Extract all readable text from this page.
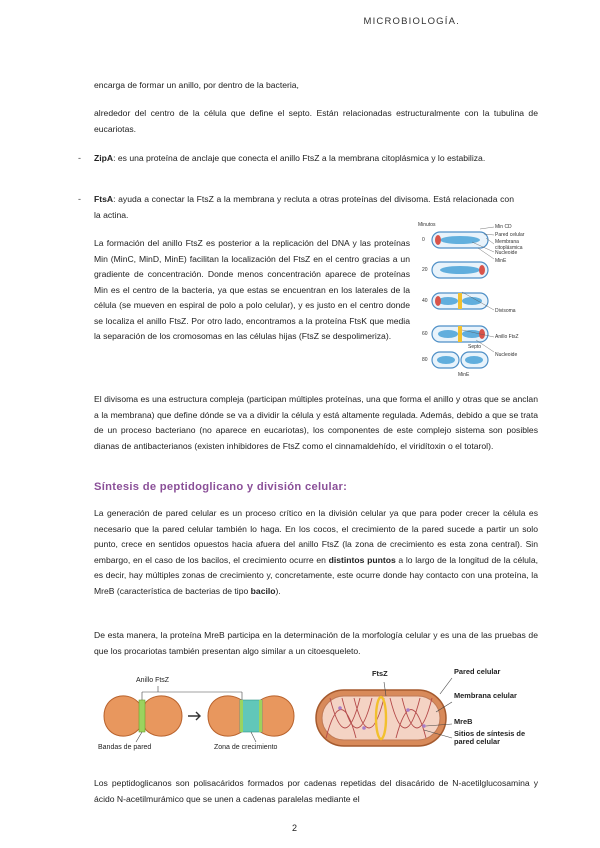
MICROBIOLOGÍA.
encarga de formar un anillo, por dentro de la bacteria,
alrededor del centro de la célula que define el septo. Están relacionadas estructuralmente con la tubulina de eucariotas.
- ZipA: es una proteína de anclaje que conecta el anillo FtsZ a la membrana citoplásmica y lo estabiliza.
- FtsA: ayuda a conectar la FtsZ a la membrana y recluta a otras proteínas del divisoma. Está relacionada con la actina.
La formación del anillo FtsZ es posterior a la replicación del DNA y las proteínas Min (MinC, MinD, MinE) facilitan la localización del FtsZ en el centro gracias a un gradiente de concentración. Donde menos concentración aparece de proteínas Min es el centro de la bacteria, ya que estas se encuentran en los laterales de la célula (se mueven en espiral de polo a polo celular), y es justo en el centro donde se localiza el anillo FtsZ. Por otro lado, encontramos a la proteína FtsK que media la separación de los cromosomas en las células hijas (FtsZ se despolimeriza).
Minutos
0
20
40
60
80
Min CD
Pared celular
Membrana citoplásmica
Nucleoide
MinE
Divisoma
Anillo FtsZ
Septo
Nucleoide
MinE
El divisoma es una estructura compleja (participan múltiples proteínas, una que forma el anillo y otras que se anclan a la membrana) que define dónde se va a dividir la célula y está altamente regulada. Además, debido a que se trata de un proceso bacteriano (no aparece en eucariotas), los componentes de este complejo sistema son posibles dianas de antibacterianos (existen inhibidores de FtsZ como el cinnamaldehído, el viridítoxin o el totarol).
Síntesis de peptidoglicano y división celular:
La generación de pared celular es un proceso crítico en la división celular ya que para poder crecer la célula es necesario que la pared celular también lo haga. En los cocos, el crecimiento de la pared sucede a partir un solo punto, crece en sentidos opuestos hacia afuera del anillo FtsZ (la zona de crecimiento es esta zona central). Sin embargo, en el caso de los bacilos, el crecimiento ocurre en distintos puntos a lo largo de la longitud de la célula, es decir, hay múltiples zonas de crecimiento y, concretamente, este ocurre donde hay contacto con una proteína, la MreB (característica de bacterias de tipo bacilo).
De esta manera, la proteína MreB participa en la determinación de la morfología celular y es una de las pruebas de que los procariotas también presentan algo similar a un citoesqueleto.
Anillo FtsZ
Bandas de pared	Zona de crecimiento
FtsZ	Pared celular
Membrana celular
MreB
Sitios de síntesis de pared celular
Los peptidoglicanos son polisacáridos formados por cadenas repetidas del disacárido de N-acetilglucosamina y ácido N-acetilmurámico que se unen a cadenas paralelas mediante el
2
